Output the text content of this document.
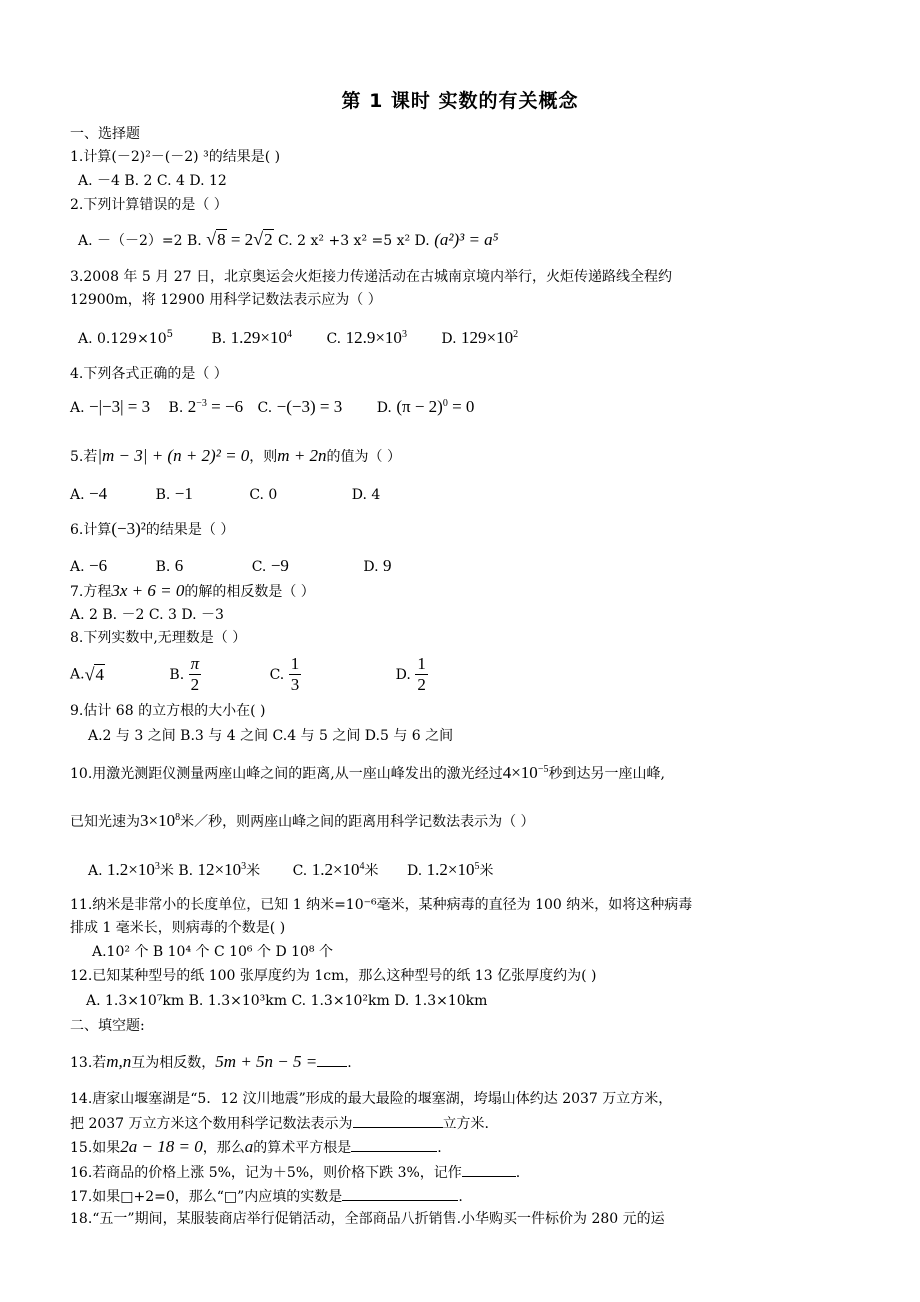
第 1 课时 实数的有关概念
一、选择题
1.计算(－2)²－(－2) ³的结果是( )
A. －4 B. 2 C. 4 D. 12
2.下列计算错误的是（ ）
A. －（－2）=2 B. √8 = 2√2 C. 2 x² +3 x² =5 x² D. (a²)³ = a⁵
3.2008 年 5 月 27 日，北京奥运会火炬接力传递活动在古城南京境内举行，火炬传递路线全程约
12900m，将 12900 用科学记数法表示应为（ ）
A. $0.129\times 10^5$	B. $1.29\times 10^4$ C. $12.9\times 10^3$ D. $129\times 10^2$
4.下列各式正确的是（ ）
A. −|−3| = 3 B. $2^{-3} = -6$ C. −(−3) = 3 D. $(\pi - 2)^0 = 0$
5.若|m − 3| + (n + 2)² = 0，则m + 2n的值为（ ）
A. −4	B. −1	C. 0	D. 4
6.计算(−3)²的结果是（ ）
A. −6	B. 6	C. −9	D. 9
7.方程3x + 6 = 0的解的相反数是（ ）
A. 2 B. －2 C. 3 D. －3
8.下列实数中,无理数是（ ）
A.√4	B. $\frac{\pi}{2}$	C. $\frac{1}{3}$	D. $\frac{1}{2}$
9.估计 68 的立方根的大小在( )
A.2 与 3 之间 B.3 与 4 之间 C.4 与 5 之间 D.5 与 6 之间
10.用激光测距仪测量两座山峰之间的距离,从一座山峰发出的激光经过$4\times 10^{-5}$秒到达另一座山峰,
已知光速为$3\times 10^8$米／秒，则两座山峰之间的距离用科学记数法表示为（ ）
A. $1.2\times 10^3$米 B. $12\times 10^3$米 C. $1.2\times 10^4$米 D. $1.2\times 10^5$米
11.纳米是非常小的长度单位，已知 1 纳米=10⁻⁶毫米，某种病毒的直径为 100 纳米，如将这种病毒
排成 1 毫米长，则病毒的个数是( )
A.10² 个 B 10⁴ 个 C 10⁶ 个 D 10⁸ 个
12.已知某种型号的纸 100 张厚度约为 1cm，那么这种型号的纸 13 亿张厚度约为( )
A. 1.3×10⁷km B. 1.3×10³km C. 1.3×10²km D. 1.3×10km
二、填空题:
13.若m,n互为相反数，5m + 5n − 5 = .
14.唐家山堰塞湖是“5．12 汶川地震”形成的最大最险的堰塞湖，垮塌山体约达 2037 万立方米，
把 2037 万立方米这个数用科学记数法表示为	立方米.
15.如果2a − 18 = 0，那么a的算术平方根是	.
16.若商品的价格上涨 5%，记为＋5%，则价格下跌 3%，记作	.
17.如果□+2=0，那么“□”内应填的实数是	.
18.“五一”期间，某服装商店举行促销活动，全部商品八折销售.小华购买一件标价为 280 元的运
